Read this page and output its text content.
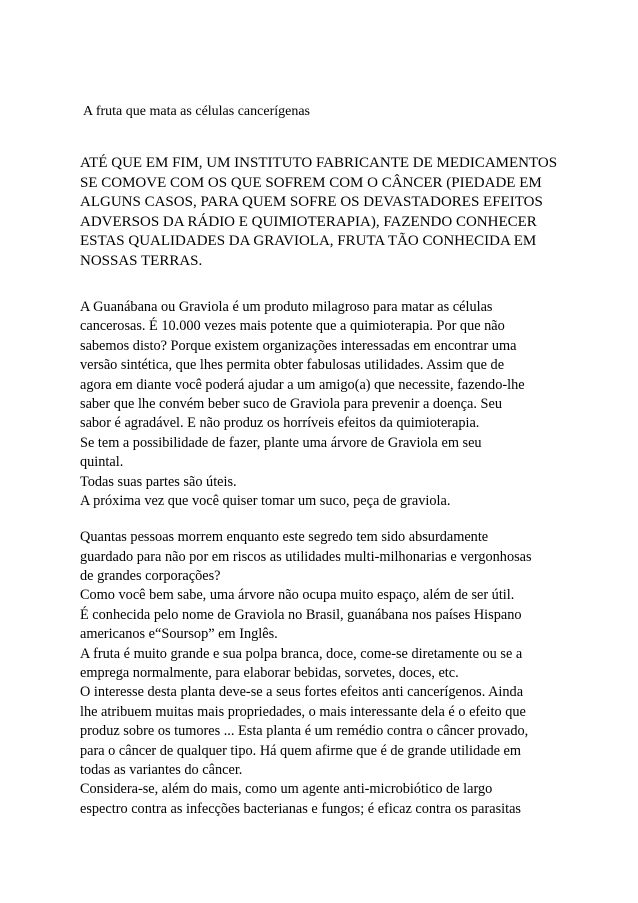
A fruta que mata as células cancerígenas
ATÉ QUE EM FIM, UM INSTITUTO FABRICANTE DE MEDICAMENTOS
SE COMOVE COM OS QUE SOFREM COM O CÂNCER (PIEDADE EM
ALGUNS CASOS, PARA QUEM SOFRE OS DEVASTADORES EFEITOS
ADVERSOS DA RÁDIO E QUIMIOTERAPIA), FAZENDO CONHECER
ESTAS QUALIDADES DA GRAVIOLA, FRUTA TÃO CONHECIDA EM
NOSSAS TERRAS.
A Guanábana ou Graviola é um produto milagroso para matar as células
cancerosas. É 10.000 vezes mais potente que a quimioterapia. Por que não
sabemos disto? Porque existem organizações interessadas em encontrar uma
versão sintética, que lhes permita obter fabulosas utilidades. Assim que de
agora em diante você poderá ajudar a um amigo(a) que necessite, fazendo-lhe
saber que lhe convém beber suco de Graviola para prevenir a doença. Seu
sabor é agradável. E não produz os horríveis efeitos da quimioterapia.
Se tem a possibilidade de fazer, plante uma árvore de Graviola em seu
quintal.
Todas suas partes são úteis.
A próxima vez que você quiser tomar um suco, peça de graviola.
Quantas pessoas morrem enquanto este segredo tem sido absurdamente
guardado para não por em riscos as utilidades multi-milhonarias e vergonhosas
de grandes corporações?
Como você bem sabe, uma árvore não ocupa muito espaço, além de ser útil.
É conhecida pelo nome de Graviola no Brasil, guanábana nos países Hispano
americanos e“Soursop” em Inglês.
A fruta é muito grande e sua polpa branca, doce, come-se diretamente ou se a
emprega normalmente, para elaborar bebidas, sorvetes, doces, etc.
O interesse desta planta deve-se a seus fortes efeitos anti cancerígenos. Ainda
lhe atribuem muitas mais propriedades, o mais interessante dela é o efeito que
produz sobre os tumores ... Esta planta é um remédio contra o câncer provado,
para o câncer de qualquer tipo. Há quem afirme que é de grande utilidade em
todas as variantes do câncer.
Considera-se, além do mais, como um agente anti-microbiótico de largo
espectro contra as infecções bacterianas e fungos; é eficaz contra os parasitas
